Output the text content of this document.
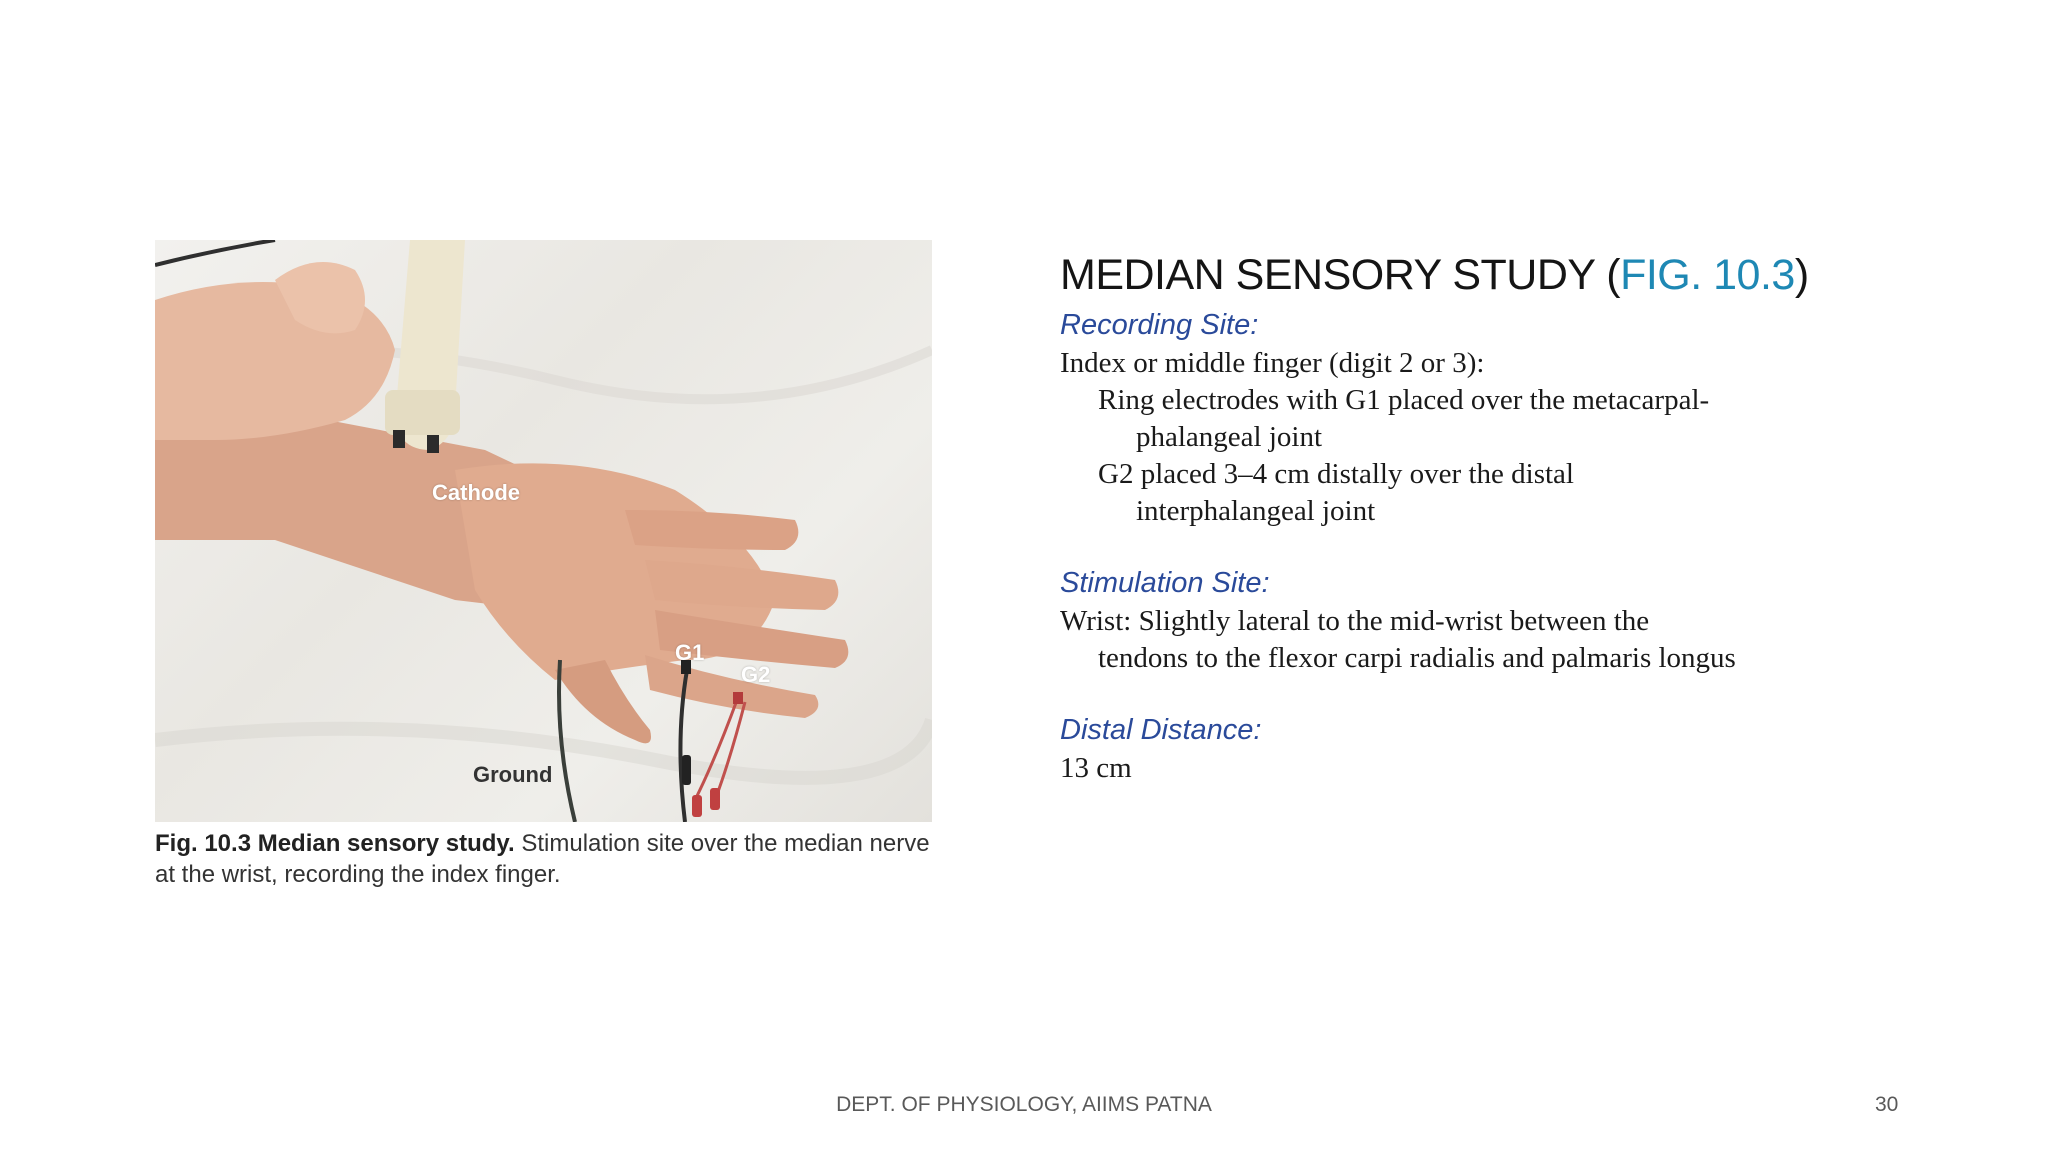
Cathode
G1
G2
Ground
Fig. 10.3 Median sensory study. Stimulation site over the median nerve at the wrist, recording the index finger.
MEDIAN SENSORY STUDY (FIG. 10.3)
Recording Site:
Index or middle finger (digit 2 or 3):
Ring electrodes with G1 placed over the metacarpal-
phalangeal joint
G2 placed 3–4 cm distally over the distal
interphalangeal joint
Stimulation Site:
Wrist: Slightly lateral to the mid-wrist between the
tendons to the flexor carpi radialis and palmaris longus
Distal Distance:
13 cm
DEPT. OF PHYSIOLOGY, AIIMS PATNA	30
